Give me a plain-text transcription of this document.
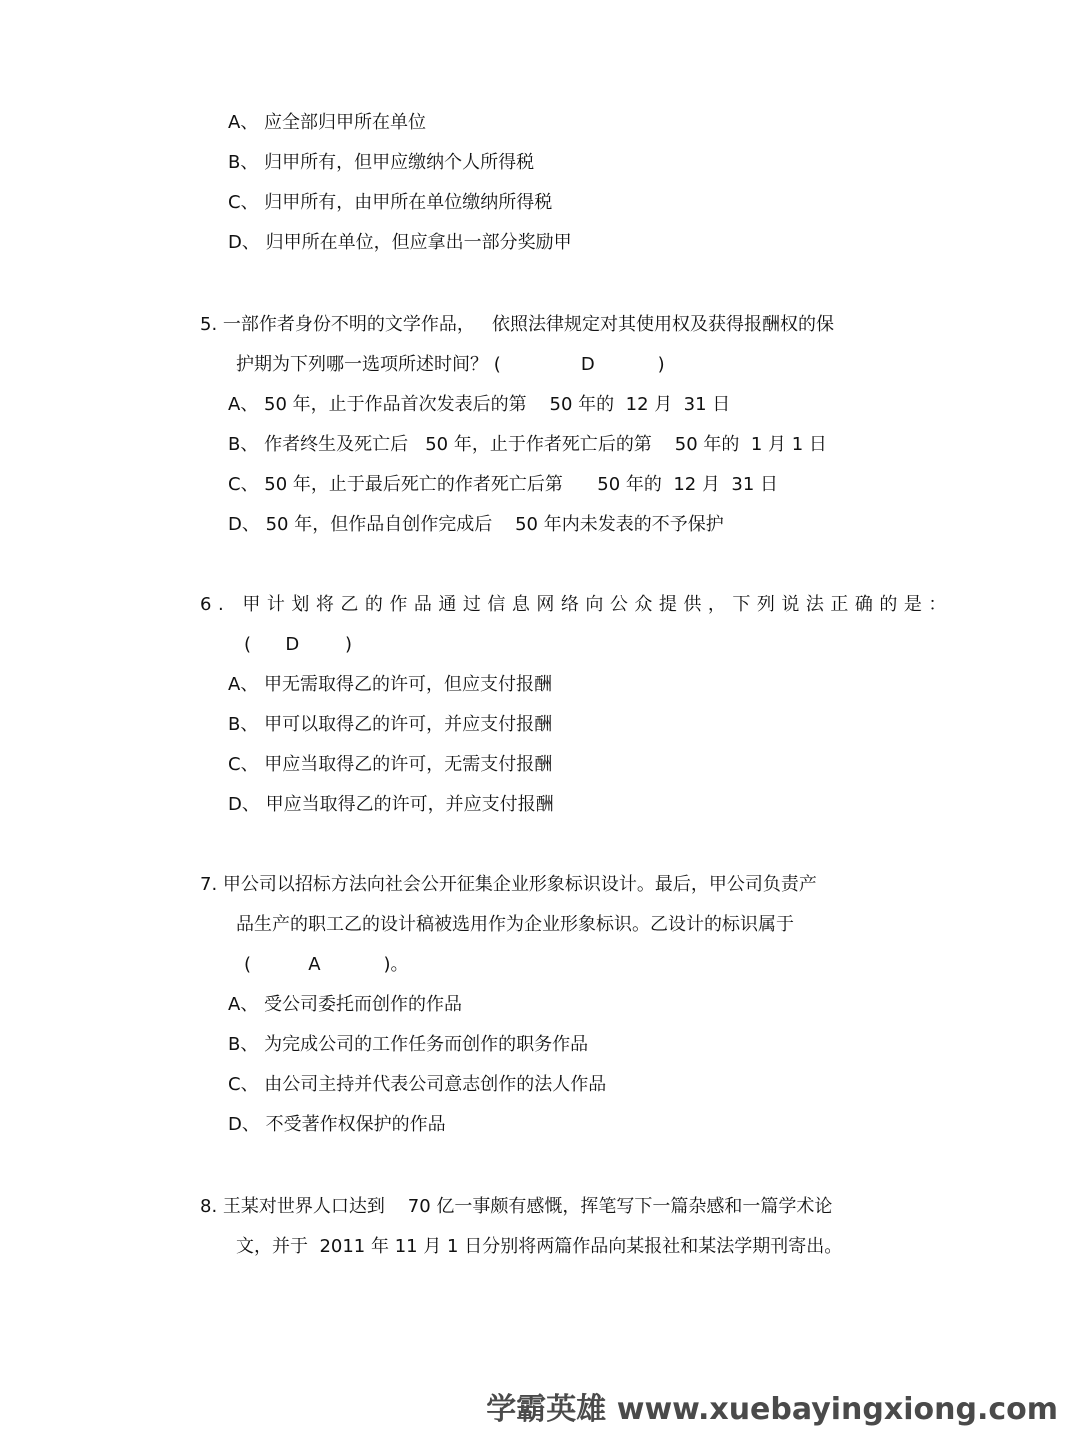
A、 应全部归甲所在单位
B、 归甲所有，但甲应缴纳个人所得税
C、 归甲所有，由甲所在单位缴纳所得税
D、 归甲所在单位，但应拿出一部分奖励甲
5. 一部作者身份不明的文学作品，   依照法律规定对其使用权及获得报酬权的保
护期为下列哪一选项所述时间？ (              D           )
A、 50 年，止于作品首次发表后的第    50 年的  12 月  31 日
B、 作者终生及死亡后   50 年，止于作者死亡后的第    50 年的  1 月 1 日
C、 50 年，止于最后死亡的作者死亡后第      50 年的  12 月  31 日
D、 50 年，但作品自创作完成后    50 年内未发表的不予保护
6. 甲计划将乙的作品通过信息网络向公众提供，下列说法正确的是：
(      D        )
A、 甲无需取得乙的许可，但应支付报酬
B、 甲可以取得乙的许可，并应支付报酬
C、 甲应当取得乙的许可，无需支付报酬
D、 甲应当取得乙的许可，并应支付报酬
7. 甲公司以招标方法向社会公开征集企业形象标识设计。最后，甲公司负责产
品生产的职工乙的设计稿被选用作为企业形象标识。乙设计的标识属于
(          A           )。
A、 受公司委托而创作的作品
B、 为完成公司的工作任务而创作的职务作品
C、 由公司主持并代表公司意志创作的法人作品
D、 不受著作权保护的作品
8. 王某对世界人口达到    70 亿一事颇有感慨，挥笔写下一篇杂感和一篇学术论
文，并于  2011 年 11 月 1 日分别将两篇作品向某报社和某法学期刊寄出。
学霸英雄 www.xuebayingxiong.com
